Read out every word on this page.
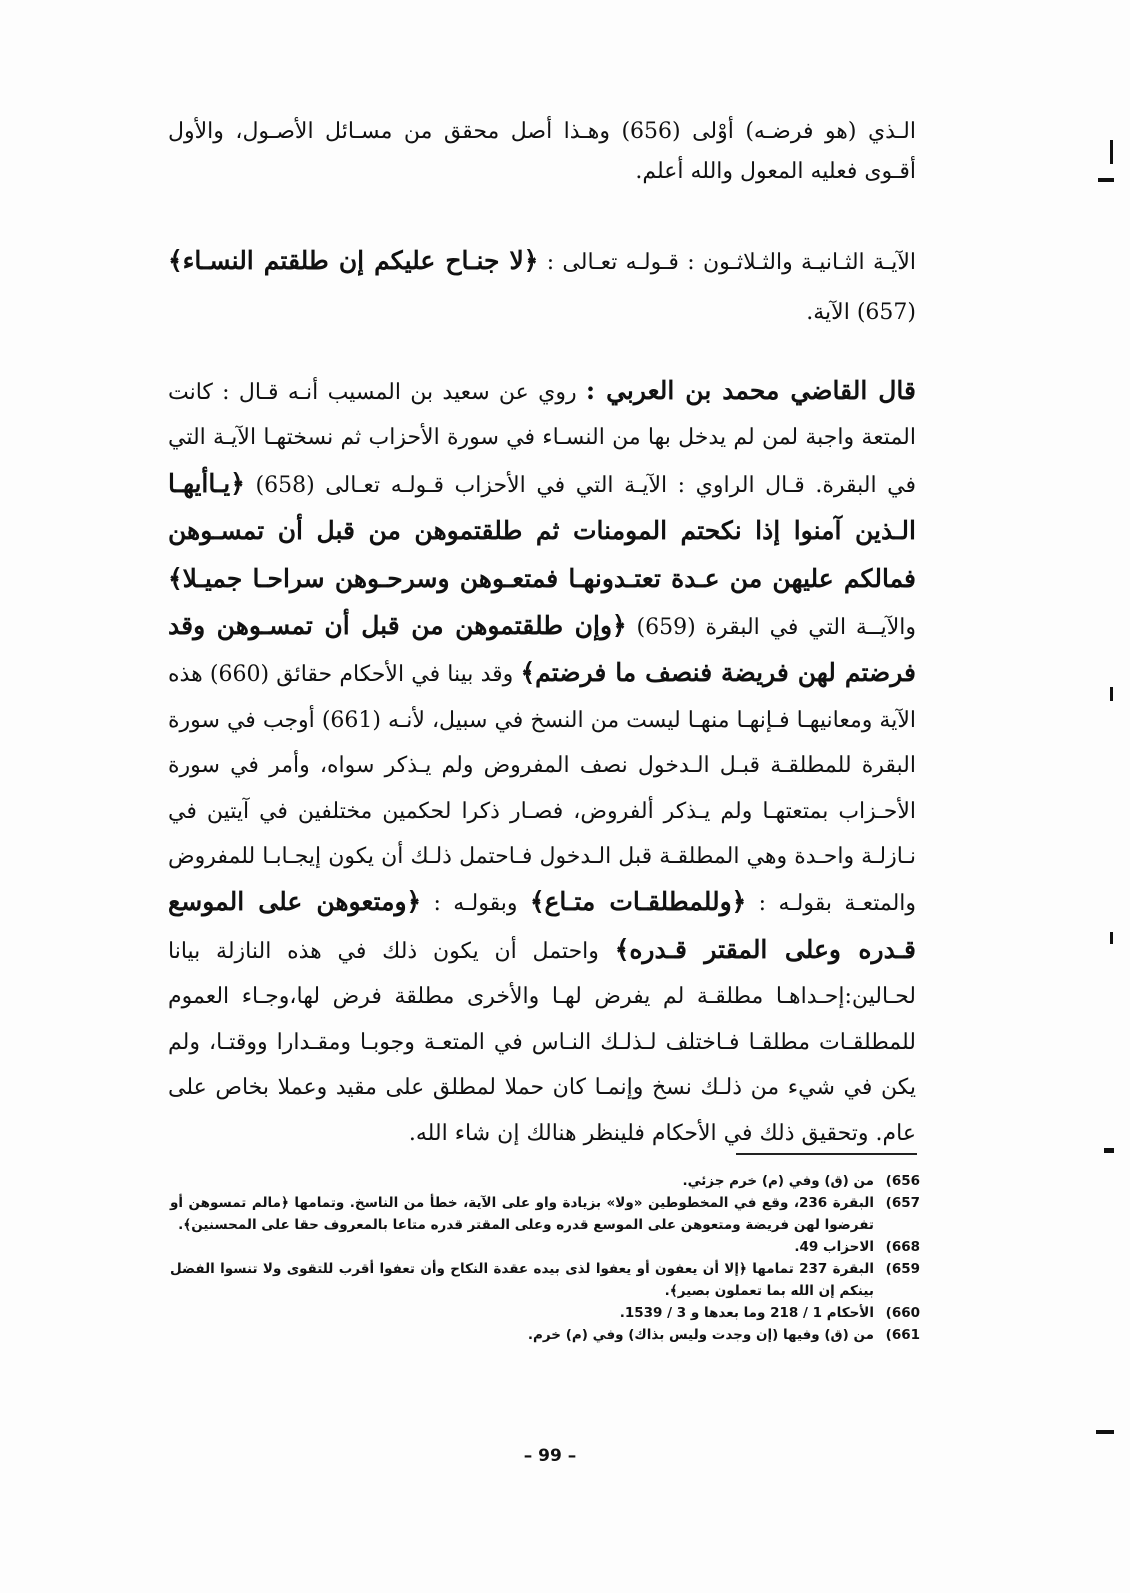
الـذي (هو فرضـه) أوْلى (656) وهـذا أصل محقق من مسـائل الأصـول، والأول أقـوى فعليه المعول والله أعلم.

الآيـة الثـانيـة والثـلاثـون : قـولـه تعـالى : ﴿لا جنـاح عليكم إن طلقتم النسـاء﴾ (657) الآية.

قال القاضي محمد بن العربي : روي عن سعيد بن المسيب أنـه قـال : كانت المتعة واجبة لمن لم يدخل بها من النسـاء في سورة الأحزاب ثم نسختهـا الآيـة التي في البقرة. قـال الراوي : الآيـة التي في الأحزاب قـولـه تعـالى (658) ﴿يـاأيهـا الـذين آمنوا إذا نكحتم المومنات ثم طلقتموهن من قبل أن تمسـوهن فمالكم عليهن من عـدة تعتـدونهـا فمتعـوهن وسرحـوهن سراحـا جميـلا﴾ والآيــة التي في البقرة (659) ﴿وإن طلقتموهن من قبل أن تمسـوهن وقد فرضتم لهن فريضة فنصف ما فرضتم﴾ وقد بينا في الأحكام حقائق (660) هذه الآية ومعانيهـا فـإنهـا منهـا ليست من النسخ في سبيل، لأنـه (661) أوجب في سورة البقرة للمطلقـة قبـل الـدخول نصف المفروض ولم يـذكر سواه، وأمر في سورة الأحـزاب بمتعتهـا ولم يـذكر ألفروض، فصـار ذكرا لحكمين مختلفين في آيتين في نـازلـة واحـدة وهي المطلقـة قبل الـدخول فـاحتمل ذلـك أن يكون إيجـابـا للمفروض والمتعـة بقولـه : ﴿وللمطلقـات متـاع﴾ وبقولـه : ﴿ومتعوهن على الموسع قـدره وعلى المقتر قـدره﴾ واحتمل أن يكون ذلك في هذه النازلة بيانا لحـالين:إحـداهـا مطلقـة لم يفرض لهـا والأخرى مطلقة فرض لها،وجـاء العموم للمطلقـات مطلقـا فـاختلف لـذلـك النـاس في المتعـة وجوبـا ومقـدارا ووقتـا، ولم يكن في شيء من ذلـك نسخ وإنمـا كان حملا لمطلق على مقيد وعملا بخاص على عام. وتحقيق ذلك في الأحكام فلينظر هنالك إن شاء الله.

656)
من (ق) وفي (م) خرم جزئي.
657)
البقرة 236، وقع في المخطوطين «ولا» بزيادة واو على الآية، خطأ من الناسخ. وتمامها ﴿مالم تمسوهن أو تفرضوا لهن فريضة ومتعوهن على الموسع قدره وعلى المقتر قدره متاعا بالمعروف حقا على المحسنين﴾.
668)
الاحزاب 49.
659)
البقرة 237 تمامها ﴿إلا أن يعفون أو يعفوا لذى بيده عقدة النكاح وأن تعفوا أقرب للتقوى ولا تنسوا الفضل بينكم إن الله بما تعملون بصير﴾.
660)
الأحكام 1 / 218 وما بعدها و 3 / 1539.
661)
من (ق) وفيها (إن وجدت وليس بذاك) وفي (م) خرم.
– 99 –
